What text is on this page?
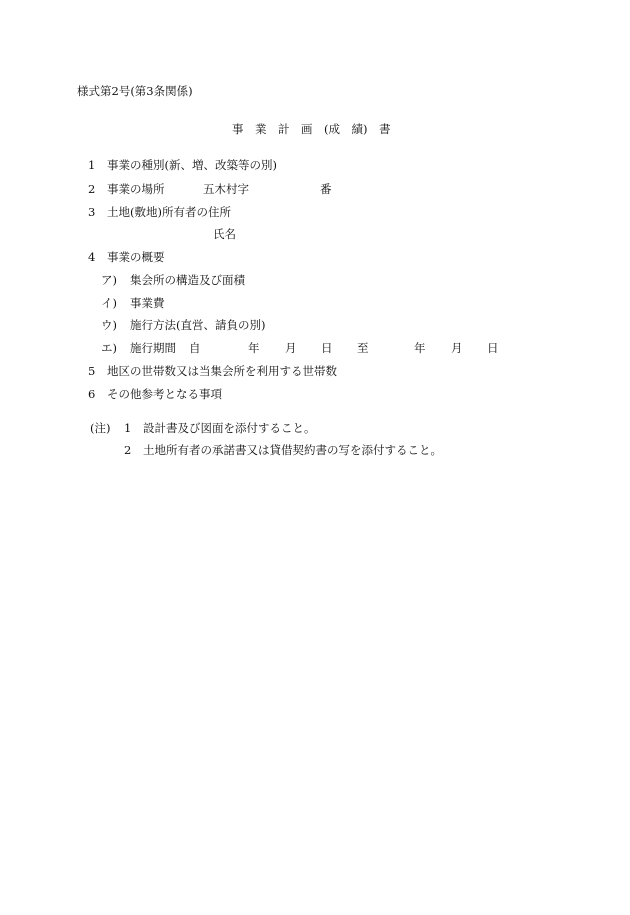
様式第2号(第3条関係)
事　業　計　画　(成　績)　書
1 事業の種別(新、増、改築等の別)
2 事業の場所	五木村字	番
3 土地(敷地)所有者の住所
氏名
4 事業の概要
ア) 集会所の構造及び面積
イ) 事業費
ウ) 施行方法(直営、請負の別)
エ) 施行期間 自	年 月 日 至	年 月 日
5 地区の世帯数又は当集会所を利用する世帯数
6 その他参考となる事項
(注) 1 設計書及び図面を添付すること。
2 土地所有者の承諾書又は貸借契約書の写を添付すること。
